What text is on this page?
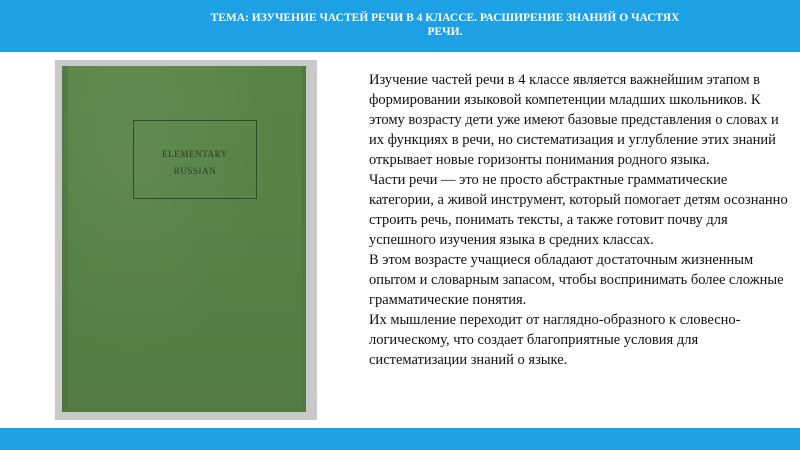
ТЕМА: ИЗУЧЕНИЕ ЧАСТЕЙ РЕЧИ В 4 КЛАССЕ. РАСШИРЕНИЕ ЗНАНИЙ О ЧАСТЯХ РЕЧИ.
ELEMENTARY
RUSSIAN

Изучение частей речи в 4 классе является важнейшим этапом в формировании языковой компетенции младших школьников. К этому возрасту дети уже имеют базовые представления о словах и их функциях в речи, но систематизация и углубление этих знаний открывает новые горизонты понимания родного языка.

Части речи — это не просто абстрактные грамматические категории, а живой инструмент, который помогает детям осознанно строить речь, понимать тексты, а также готовит почву для успешного изучения языка в средних классах.

В этом возрасте учащиеся обладают достаточным жизненным опытом и словарным запасом, чтобы воспринимать более сложные грамматические понятия.

Их мышление переходит от наглядно-образного к словесно-логическому, что создает благоприятные условия для систематизации знаний о языке.
